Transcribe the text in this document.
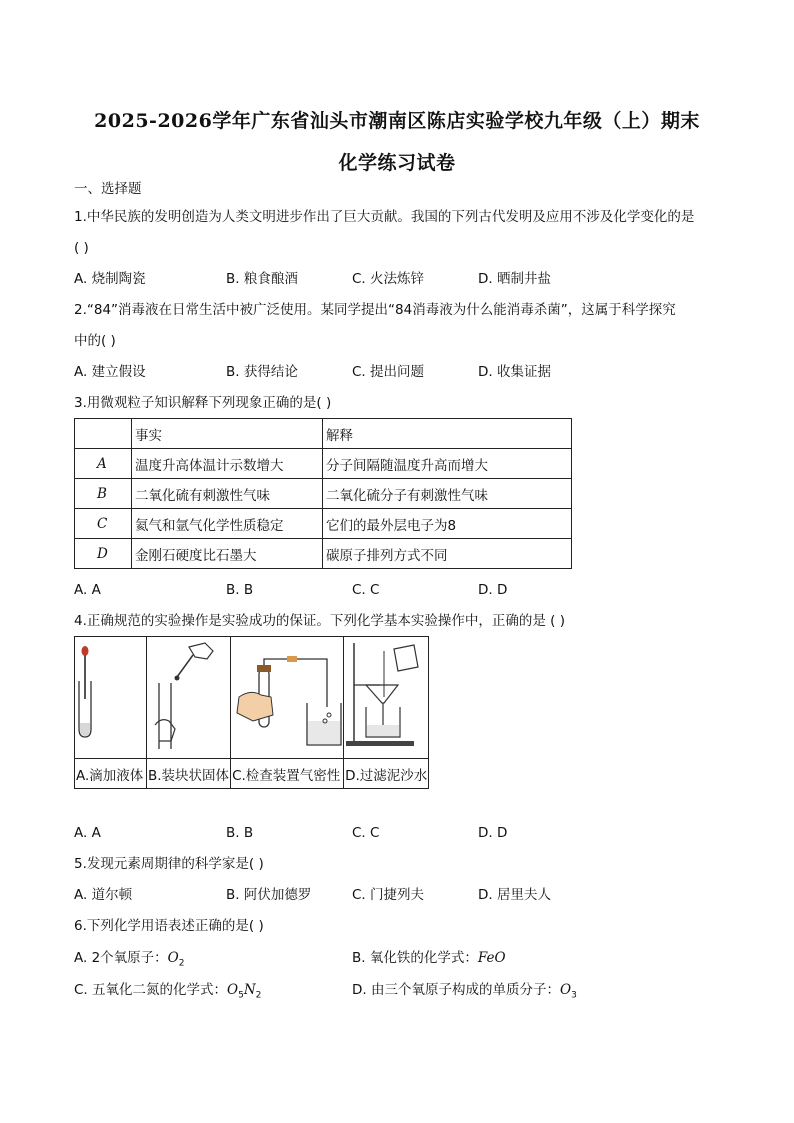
2025-2026学年广东省汕头市潮南区陈店实验学校九年级（上）期末
化学练习试卷
一、选择题
1.中华民族的发明创造为人类文明进步作出了巨大贡献。我国的下列古代发明及应用不涉及化学变化的是
( )
A. 烧制陶瓷	B. 粮食酿酒	C. 火法炼锌	D. 晒制井盐
2.“84”消毒液在日常生活中被广泛使用。某同学提出“84消毒液为什么能消毒杀菌”，这属于科学探究
中的( )
A. 建立假设	B. 获得结论	C. 提出问题	D. 收集证据
3.用微观粒子知识解释下列现象正确的是( )
	事实	解释
A	温度升高体温计示数增大	分子间隔随温度升高而增大
B	二氧化硫有刺激性气味	二氧化硫分子有刺激性气味
C	氦气和氩气化学性质稳定	它们的最外层电子为8
D	金刚石硬度比石墨大	碳原子排列方式不同
A. A	B. B	C. C	D. D
4.正确规范的实验操作是实验成功的保证。下列化学基本实验操作中，正确的是 ( )

A.滴加液体	B.装块状固体	C.检查装置气密性	D.过滤泥沙水
A. A	B. B	C. C	D. D
5.发现元素周期律的科学家是( )
A. 道尔顿	B. 阿伏加德罗	C. 门捷列夫	D. 居里夫人
6.下列化学用语表述正确的是( )
A. 2个氧原子：$O_2$	B. 氧化铁的化学式：FeO
C. 五氧化二氮的化学式：$O_5N_2$	D. 由三个氧原子构成的单质分子：$O_3$
